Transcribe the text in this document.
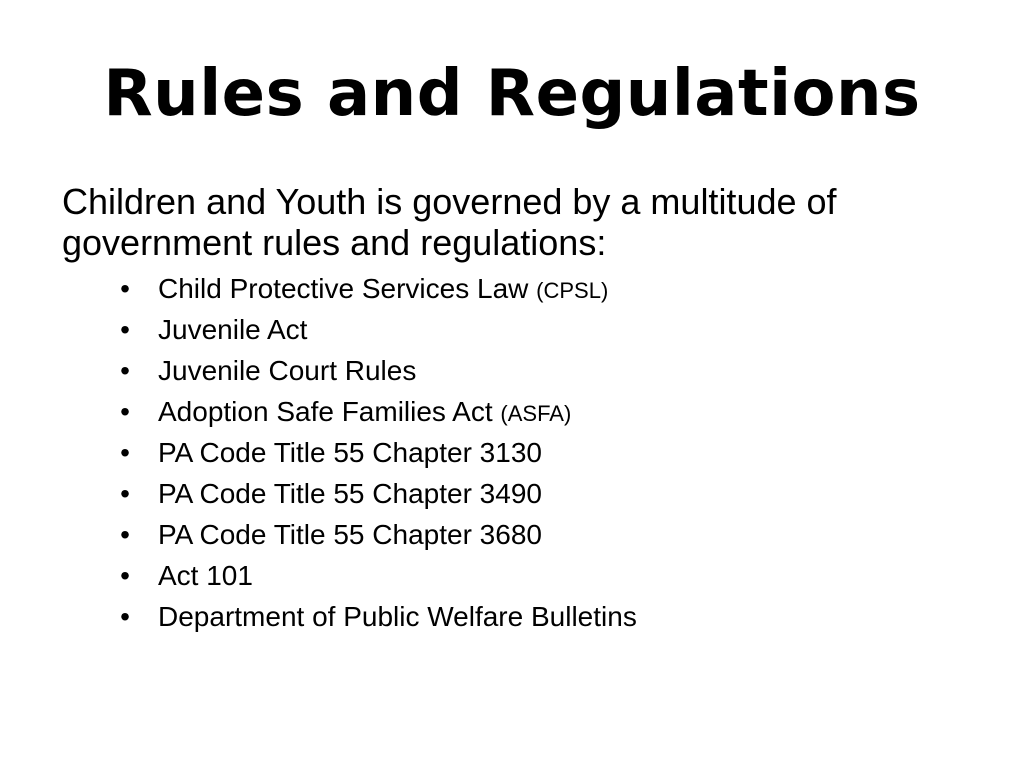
Rules and Regulations

Children and Youth is governed by a multitude of government rules and regulations:

• Child Protective Services Law (CPSL)
• Juvenile Act
• Juvenile Court Rules
• Adoption Safe Families Act (ASFA)
• PA Code Title 55 Chapter 3130
• PA Code Title 55 Chapter 3490
• PA Code Title 55 Chapter 3680
• Act 101
• Department of Public Welfare Bulletins
